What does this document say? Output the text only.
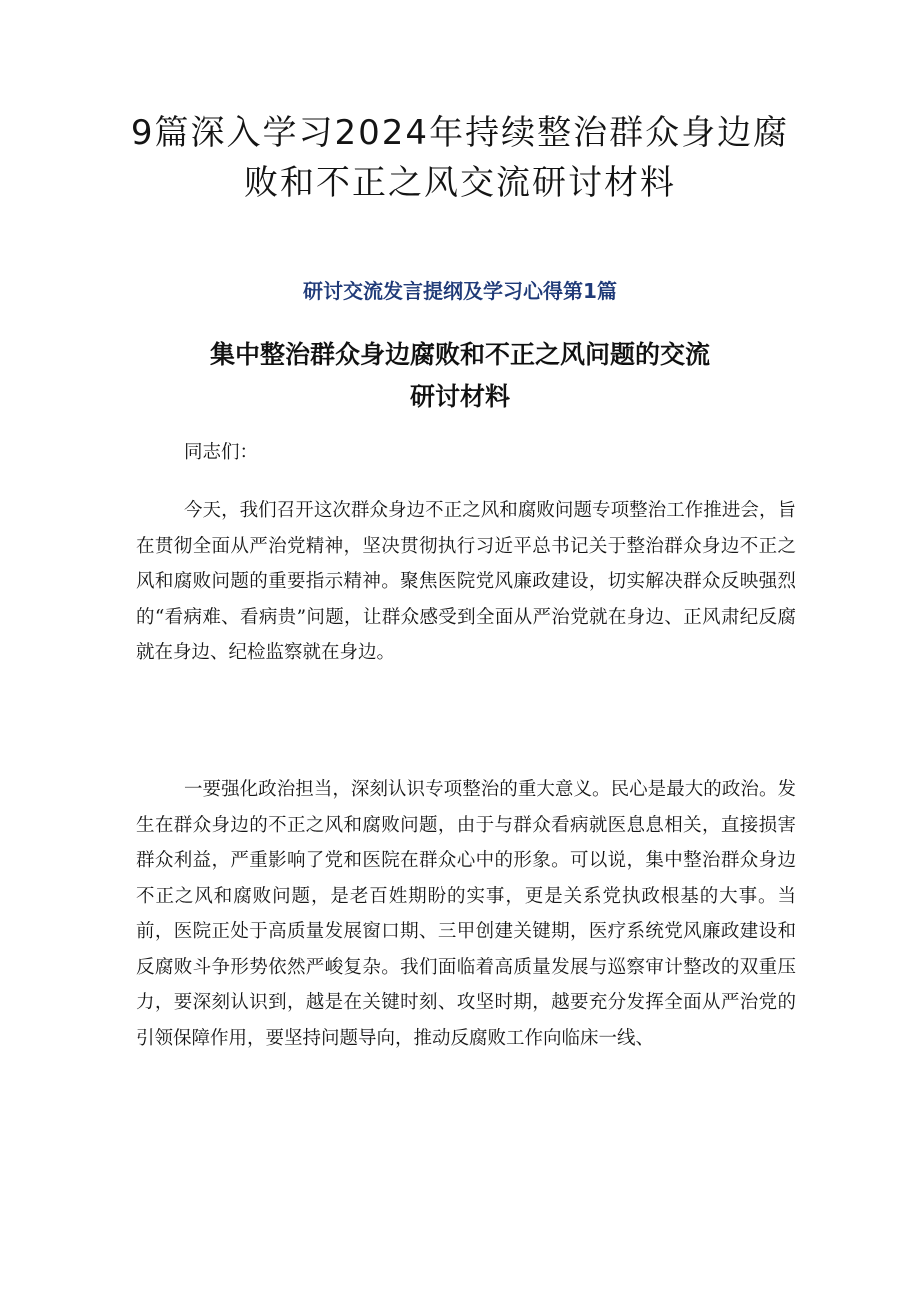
9篇深入学习2024年持续整治群众身边腐
败和不正之风交流研讨材料
研讨交流发言提纲及学习心得第1篇
集中整治群众身边腐败和不正之风问题的交流
研讨材料

同志们：

今天，我们召开这次群众身边不正之风和腐败问题专项整治工作推进会，旨在贯彻全面从严治党精神，坚决贯彻执行习近平总书记关于整治群众身边不正之风和腐败问题的重要指示精神。聚焦医院党风廉政建设，切实解决群众反映强烈的“看病难、看病贵”问题，让群众感受到全面从严治党就在身边、正风肃纪反腐就在身边、纪检监察就在身边。

一要强化政治担当，深刻认识专项整治的重大意义。民心是最大的政治。发生在群众身边的不正之风和腐败问题，由于与群众看病就医息息相关，直接损害群众利益，严重影响了党和医院在群众心中的形象。可以说，集中整治群众身边不正之风和腐败问题，是老百姓期盼的实事，更是关系党执政根基的大事。当前，医院正处于高质量发展窗口期、三甲创建关键期，医疗系统党风廉政建设和反腐败斗争形势依然严峻复杂。我们面临着高质量发展与巡察审计整改的双重压力，要深刻认识到，越是在关键时刻、攻坚时期，越要充分发挥全面从严治党的引领保障作用，要坚持问题导向，推动反腐败工作向临床一线、
